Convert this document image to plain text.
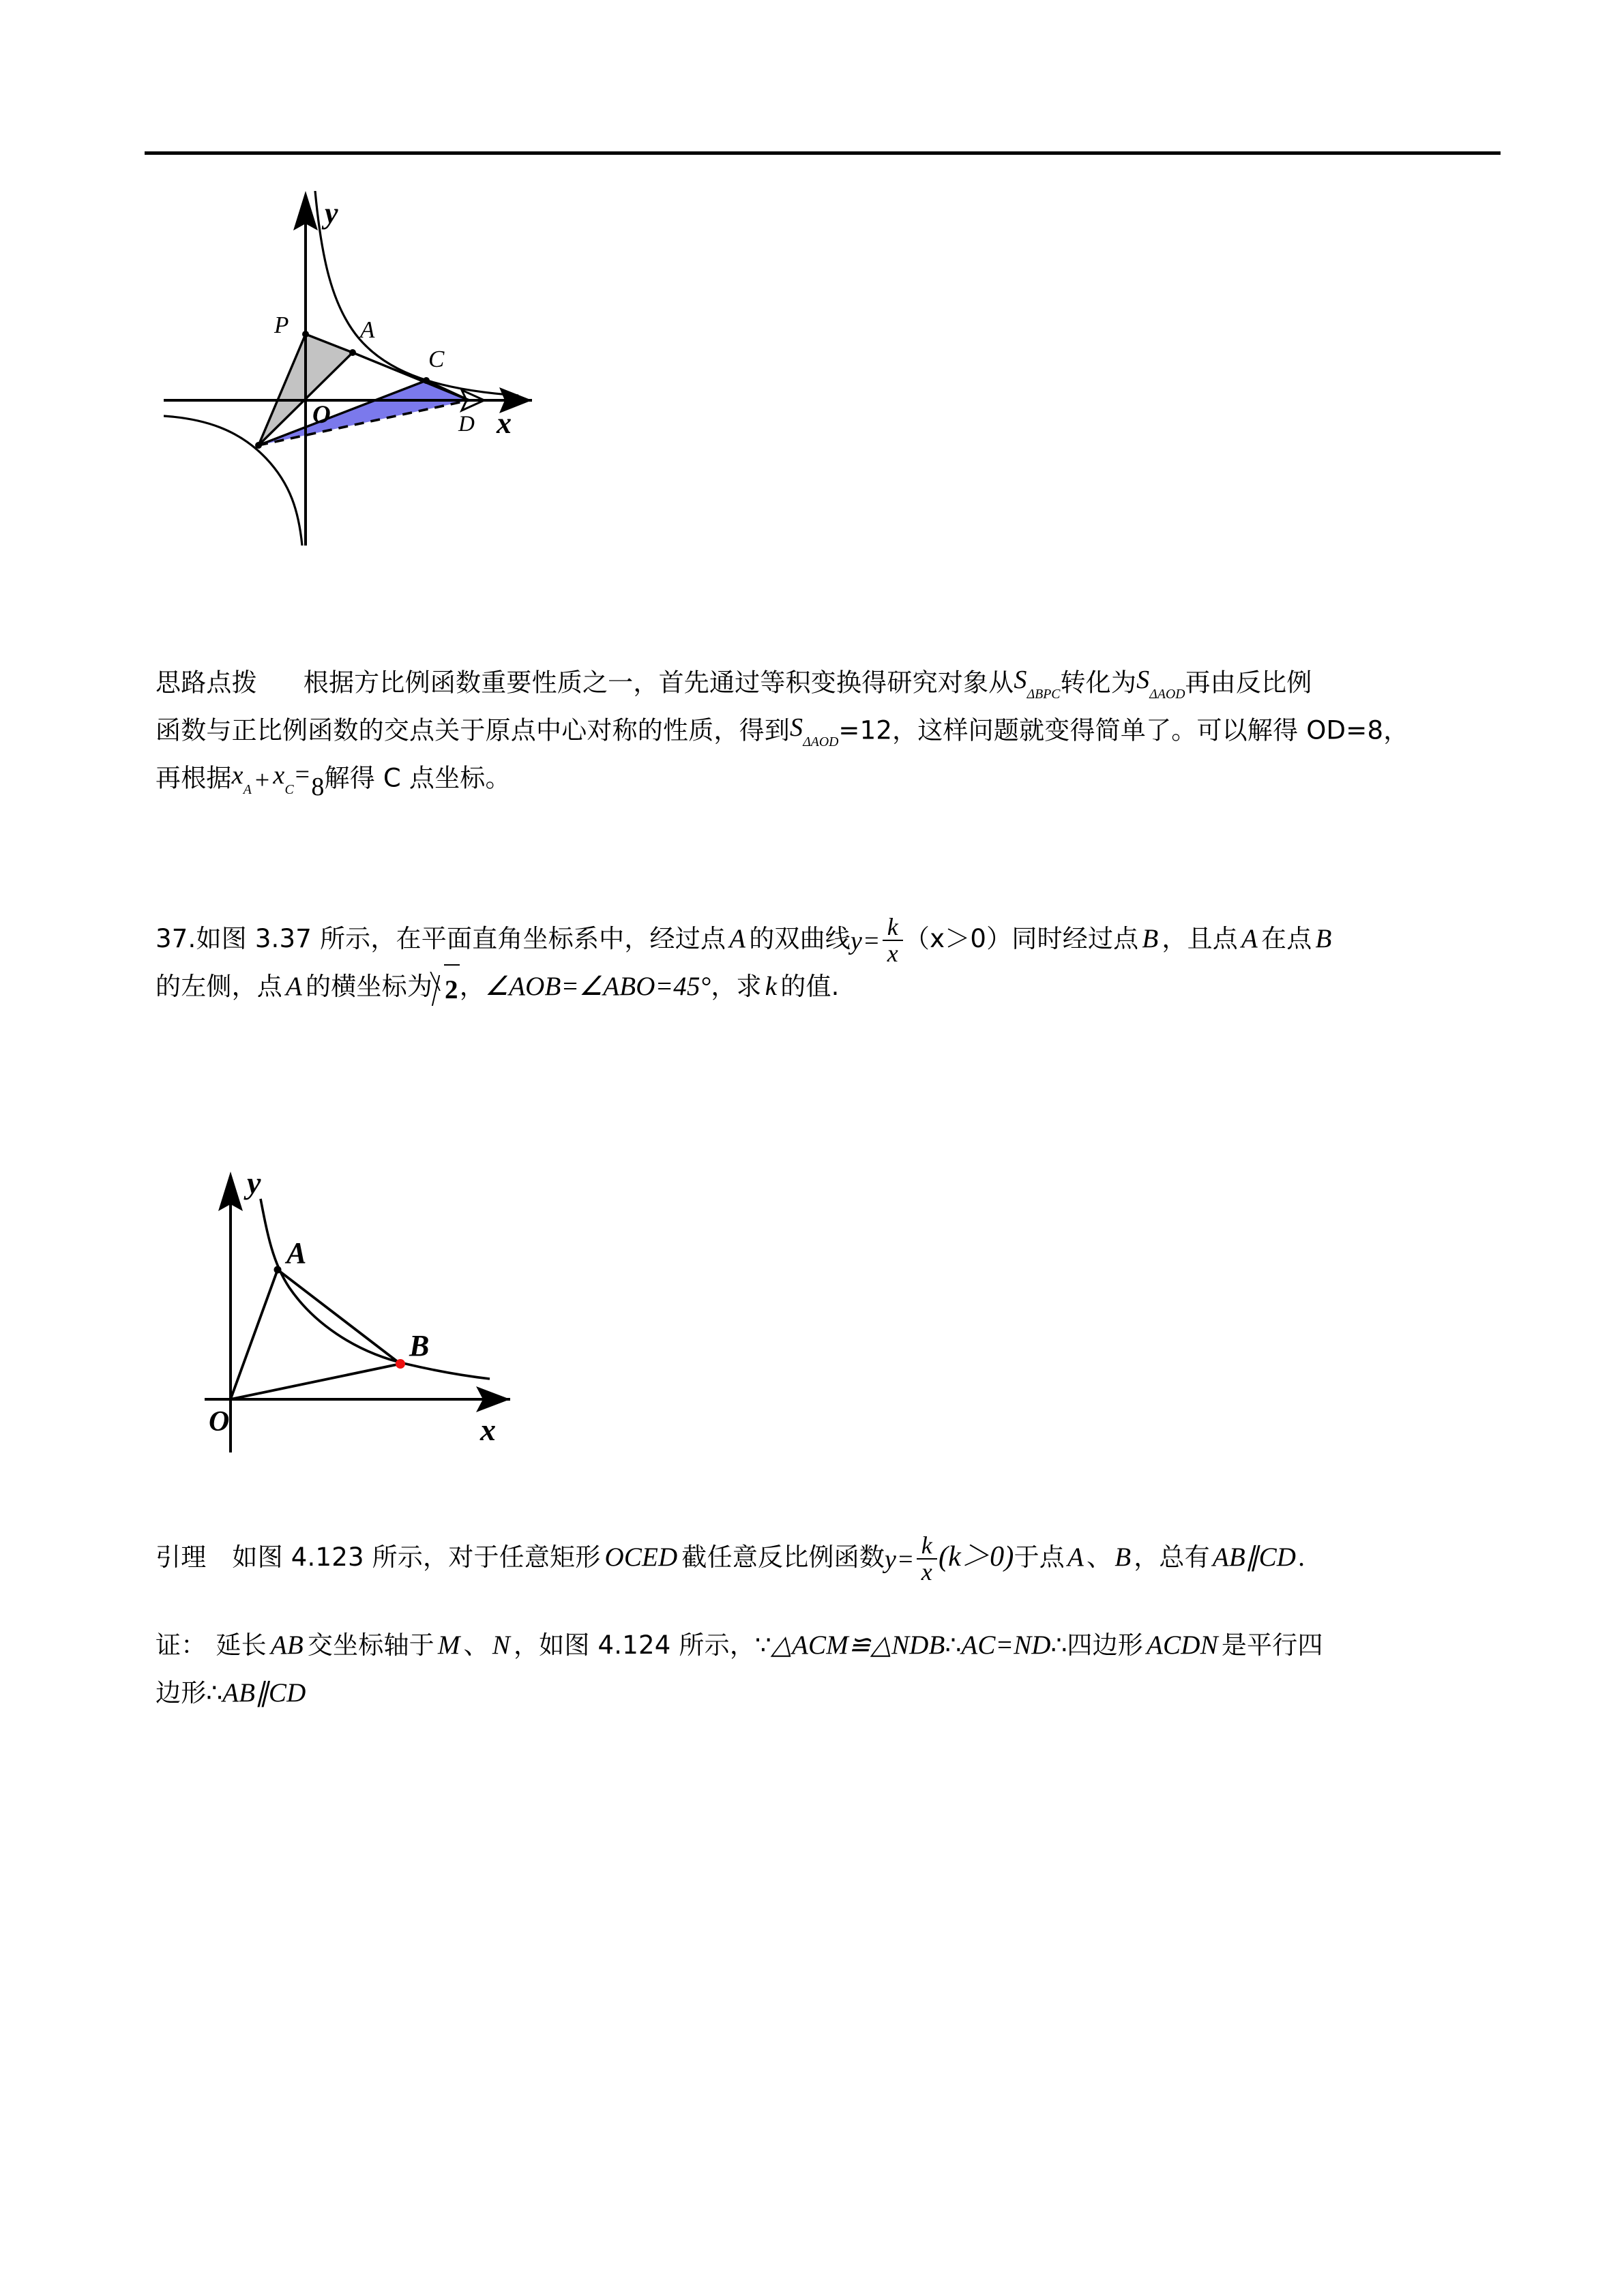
P	A
C
D
O
y
x
A
B
O
y
x
思路点拨 根据方比例函数重要性质之一，首先通过等积变换得研究对象从$S_{\Delta BPC}$转化为$S_{\Delta AOD}$再由反比例
函数与正比例函数的交点关于原点中心对称的性质，得到$S_{\Delta AOD}=12$，这样问题就变得简单了。可以解得 OD=8，
再根据$x_A + x_C=8$解得 C 点坐标。
37.如图 3.37 所示，在平面直角坐标系中，经过点 A 的双曲线$y= \frac{k}{x} (x>0)$同时经过点 B ，且点 A 在点 B
的左侧，点 A 的横坐标为 2，∠AOB=∠ABO=45°，求 k 的值.
引理 如图 4.123 所示，对于任意矩形 OCED 截任意反比例函数$y= \frac{k}{x} (k>0)$于点 A 、 B ，总有 AB∥CD .
证： 延长 AB 交坐标轴于 M 、 N ，如图 4.124 所示，∵△ACM≌△NDB∴AC=ND∴四边形 ACDN 是平行四
边形∴AB∥CD
